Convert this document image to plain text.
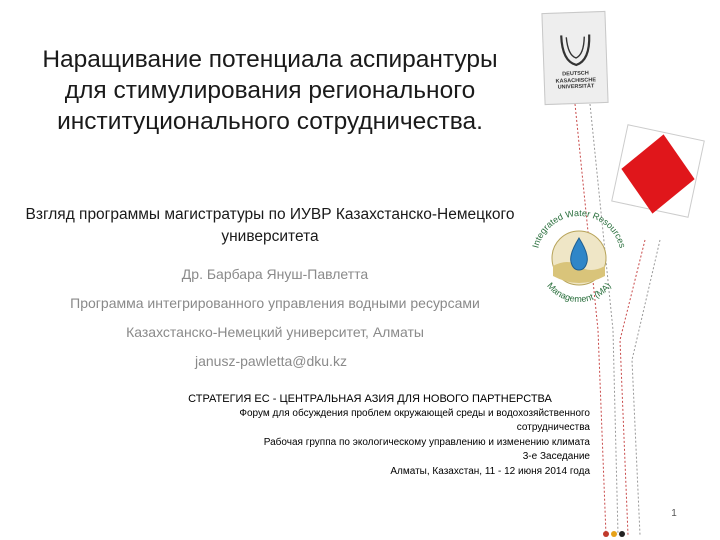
DEUTSCH
KASACHISCHE
UNIVERSITÄT
Integrated Water Resources
Management (MA)
Наращивание потенциала аспирантуры для стимулирования регионального институционального сотрудничества.
Взгляд программы магистратуры по ИУВР Казахстанско-Немецкого университета
Др. Барбара Януш-Павлетта
Программа интегрированного управления водными ресурсами
Казахстанско-Немецкий университет, Алматы
janusz-pawletta@dku.kz
СТРАТЕГИЯ ЕС - ЦЕНТРАЛЬНАЯ АЗИЯ ДЛЯ НОВОГО ПАРТНЕРСТВА
Форум для обсуждения проблем окружающей среды и водохозяйственного
сотрудничества
Рабочая группа по экологическому управлению и изменению климата
3-е Заседание
Алматы, Казахстан, 11 - 12 июня 2014 года
1
